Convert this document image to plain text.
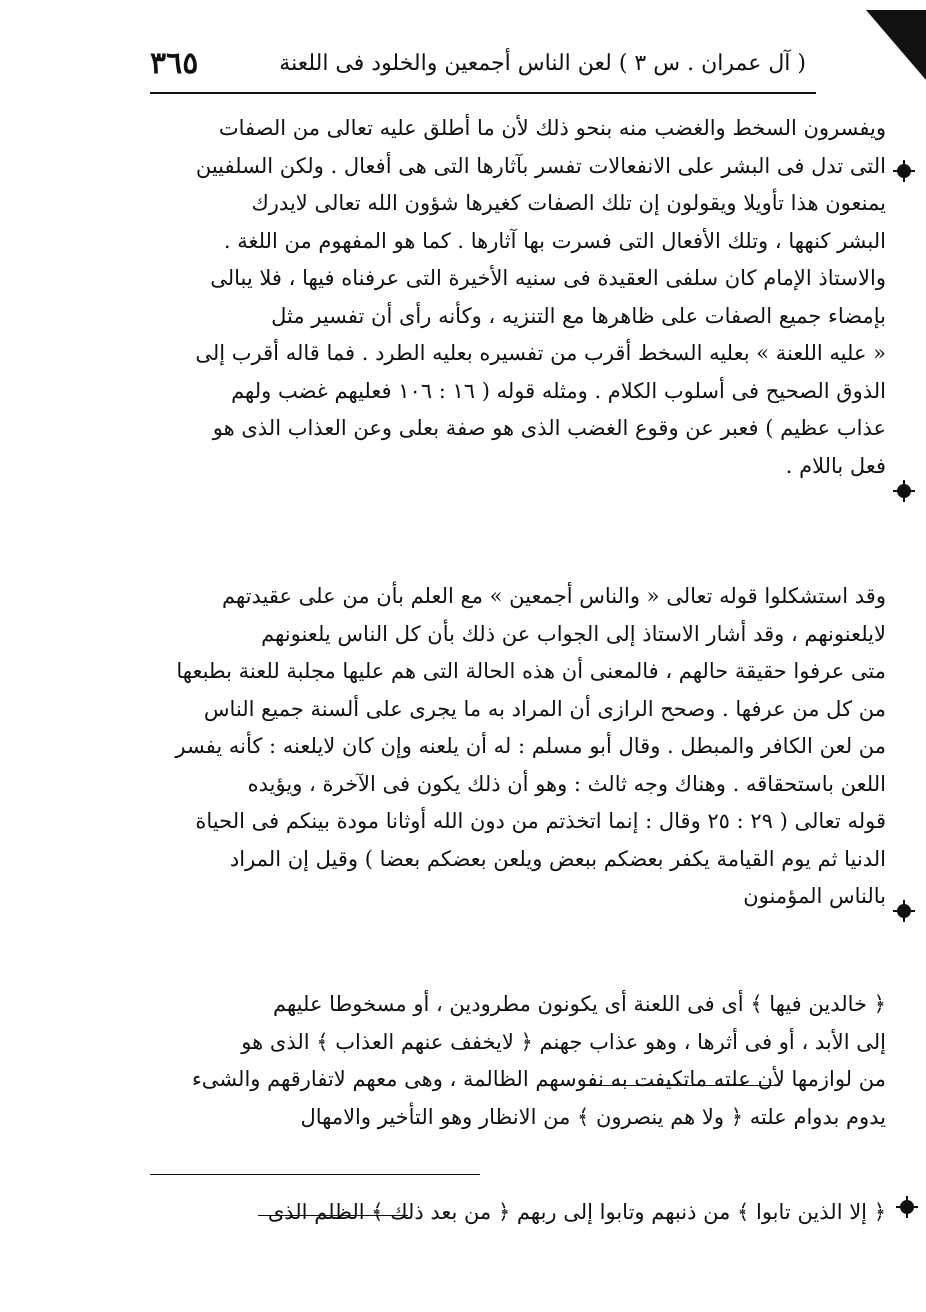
( آل عمران . س ٣ ) لعن الناس أجمعين والخلود فى اللعنة
٣٦٥
ويفسرون السخط والغضب منه بنحو ذلك لأن ما أطلق عليه تعالى من الصفات
التى تدل فى البشر على الانفعالات تفسر بآثارها التى هى أفعال . ولكن السلفيين
يمنعون هذا تأويلا ويقولون إن تلك الصفات كغيرها شؤون الله تعالى لايدرك
البشر كنهها ، وتلك الأفعال التى فسرت بها آثارها . كما هو المفهوم من اللغة .
والاستاذ الإمام كان سلفى العقيدة فى سنيه الأخيرة التى عرفناه فيها ، فلا يبالى
بإمضاء جميع الصفات على ظاهرها مع التنزيه ، وكأنه رأى أن تفسير مثل
« عليه اللعنة » بعليه السخط أقرب من تفسيره بعليه الطرد . فما قاله أقرب إلى
الذوق الصحيح فى أسلوب الكلام . ومثله قوله ( ١٦ : ١٠٦ فعليهم غضب ولهم
عذاب عظيم ) فعبر عن وقوع الغضب الذى هو صفة بعلى وعن العذاب الذى هو
فعل باللام .
وقد استشكلوا قوله تعالى « والناس أجمعين » مع العلم بأن من على عقيدتهم
لايلعنونهم ، وقد أشار الاستاذ إلى الجواب عن ذلك بأن كل الناس يلعنونهم
متى عرفوا حقيقة حالهم ، فالمعنى أن هذه الحالة التى هم عليها مجلبة للعنة بطبعها
من كل من عرفها . وصحح الرازى أن المراد به ما يجرى على ألسنة جميع الناس
من لعن الكافر والمبطل . وقال أبو مسلم : له أن يلعنه وإن كان لايلعنه : كأنه يفسر
اللعن باستحقاقه . وهناك وجه ثالث : وهو أن ذلك يكون فى الآخرة ، ويؤيده
قوله تعالى ( ٢٩ : ٢٥ وقال : إنما اتخذتم من دون الله أوثانا مودة بينكم فى الحياة
الدنيا ثم يوم القيامة يكفر بعضكم ببعض ويلعن بعضكم بعضا ) وقيل إن المراد
بالناس المؤمنون
﴿ خالدين فيها ﴾ أى فى اللعنة أى يكونون مطرودين ، أو مسخوطا عليهم
إلى الأبد ، أو فى أثرها ، وهو عذاب جهنم ﴿ لايخفف عنهم العذاب ﴾ الذى هو
من لوازمها لأن علته ماتكيفت به نفوسهم الظالمة ، وهى معهم لاتفارقهم والشىء
يدوم بدوام علته ﴿ ولا هم ينصرون ﴾ من الانظار وهو التأخير والامهال
﴿ إلا الذين تابوا ﴾ من ذنبهم وتابوا إلى ربهم ﴿ من بعد ذلك ﴾ الظلم الذى
